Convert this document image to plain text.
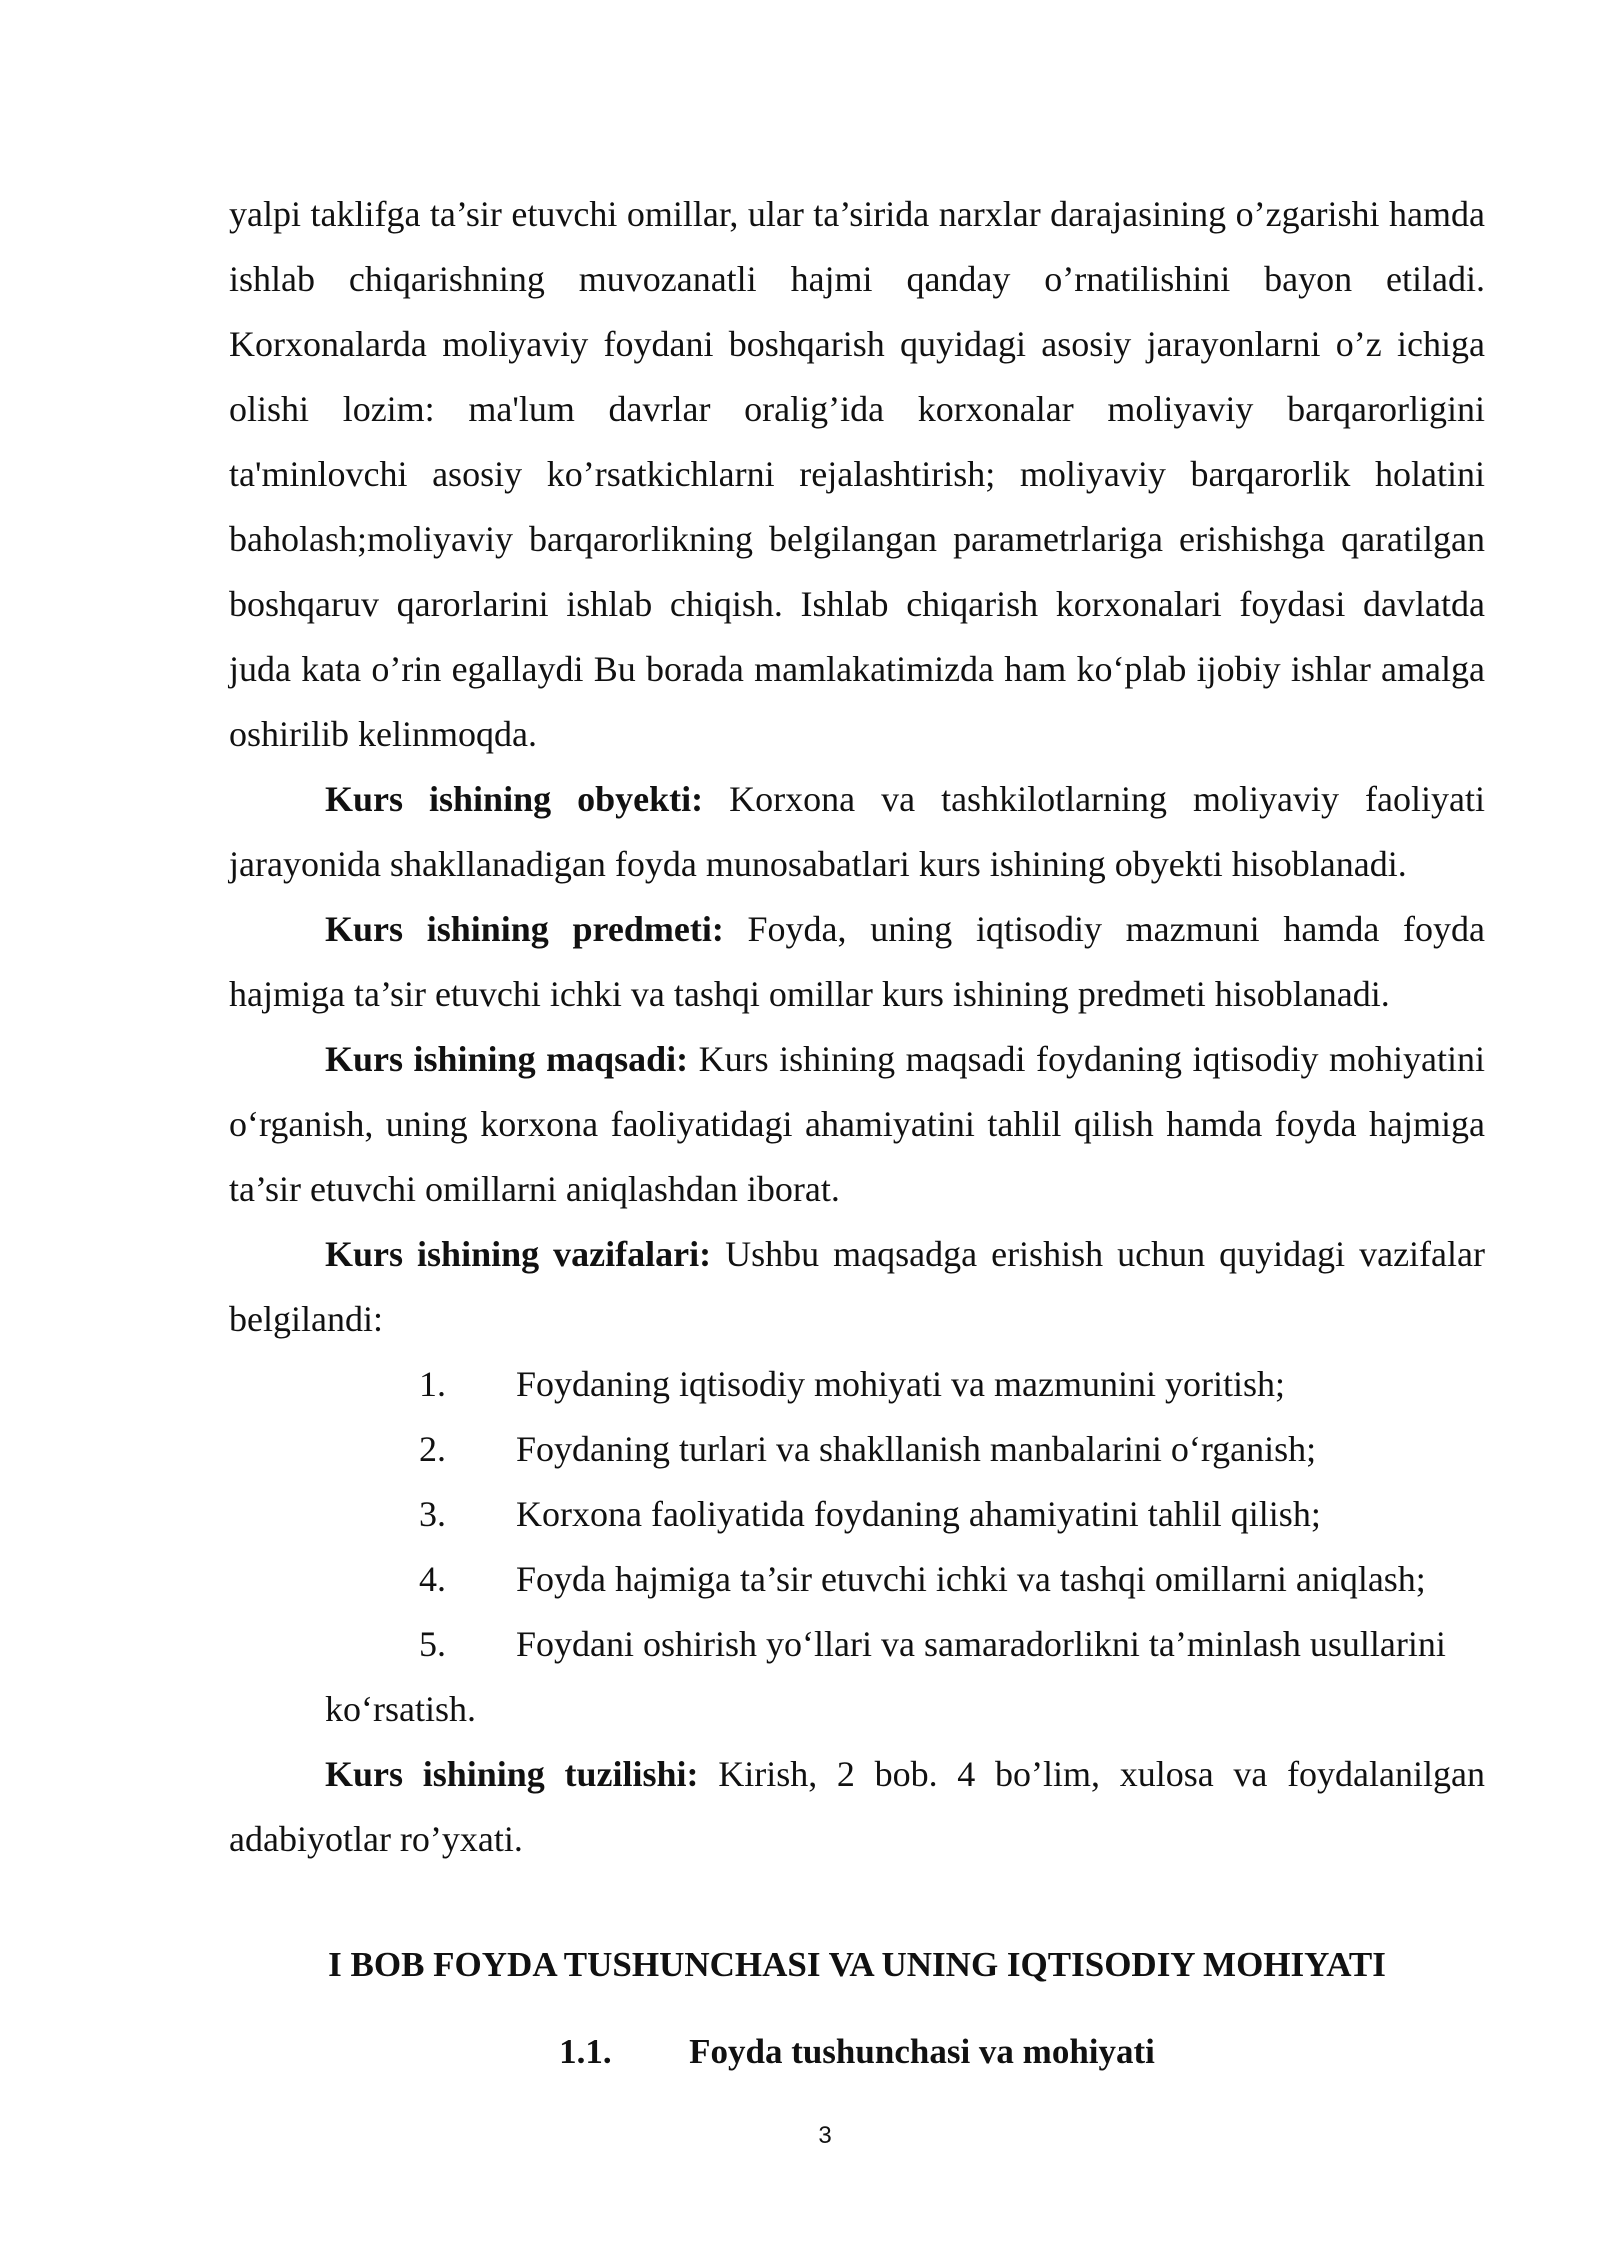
yalpi taklifga ta’sir etuvchi omillar, ular ta’sirida narxlar darajasining o’zgarishi hamda ishlab chiqarishning muvozanatli hajmi qanday o’rnatilishini bayon etiladi. Korxonalarda moliyaviy foydani boshqarish quyidagi asosiy jarayonlarni o’z ichiga olishi lozim: ma'lum davrlar oralig’ida korxonalar moliyaviy barqarorligini ta'minlovchi asosiy ko’rsatkichlarni rejalashtirish; moliyaviy barqarorlik holatini baholash;moliyaviy barqarorlikning belgilangan parametrlariga erishishga qaratilgan boshqaruv qarorlarini ishlab chiqish. Ishlab chiqarish korxonalari foydasi davlatda juda kata o’rin egallaydi Bu borada mamlakatimizda ham ko‘plab ijobiy ishlar amalga oshirilib kelinmoqda.

Kurs ishining obyekti: Korxona va tashkilotlarning moliyaviy faoliyati jarayonida shakllanadigan foyda munosabatlari kurs ishining obyekti hisoblanadi.

Kurs ishining predmeti: Foyda, uning iqtisodiy mazmuni hamda foyda hajmiga ta’sir etuvchi ichki va tashqi omillar kurs ishining predmeti hisoblanadi.

Kurs ishining maqsadi: Kurs ishining maqsadi foydaning iqtisodiy mohiyatini o‘rganish, uning korxona faoliyatidagi ahamiyatini tahlil qilish hamda foyda hajmiga ta’sir etuvchi omillarni aniqlashdan iborat.

Kurs ishining vazifalari: Ushbu maqsadga erishish uchun quyidagi vazifalar belgilandi:

1. Foydaning iqtisodiy mohiyati va mazmunini yoritish;
2. Foydaning turlari va shakllanish manbalarini o‘rganish;
3. Korxona faoliyatida foydaning ahamiyatini tahlil qilish;
4. Foyda hajmiga ta’sir etuvchi ichki va tashqi omillarni aniqlash;
5. Foydani oshirish yo‘llari va samaradorlikni ta’minlash usullarini
ko‘rsatish.

Kurs ishining tuzilishi: Kirish, 2 bob. 4 bo’lim, xulosa va foydalanilgan adabiyotlar ro’yxati.

I BOB FOYDA TUSHUNCHASI VA UNING IQTISODIY MOHIYATI
1.1. Foyda tushunchasi va mohiyati
3
